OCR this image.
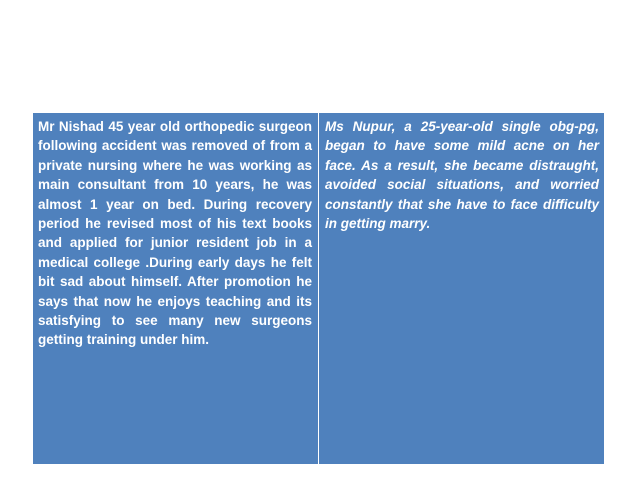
Mr Nishad 45 year old orthopedic surgeon following accident was removed of from a private nursing where he was working as main consultant from 10 years, he was almost 1 year on bed. During recovery period he revised most of his text books and applied for junior resident job in a medical college .During early days he felt bit sad about himself. After promotion he says that now he enjoys teaching and its satisfying to see many new surgeons getting training under him.
Ms Nupur, a 25-year-old single obg-pg, began to have some mild acne on her face. As a result, she became distraught, avoided social situations, and worried constantly that she have to face difficulty in getting marry.
